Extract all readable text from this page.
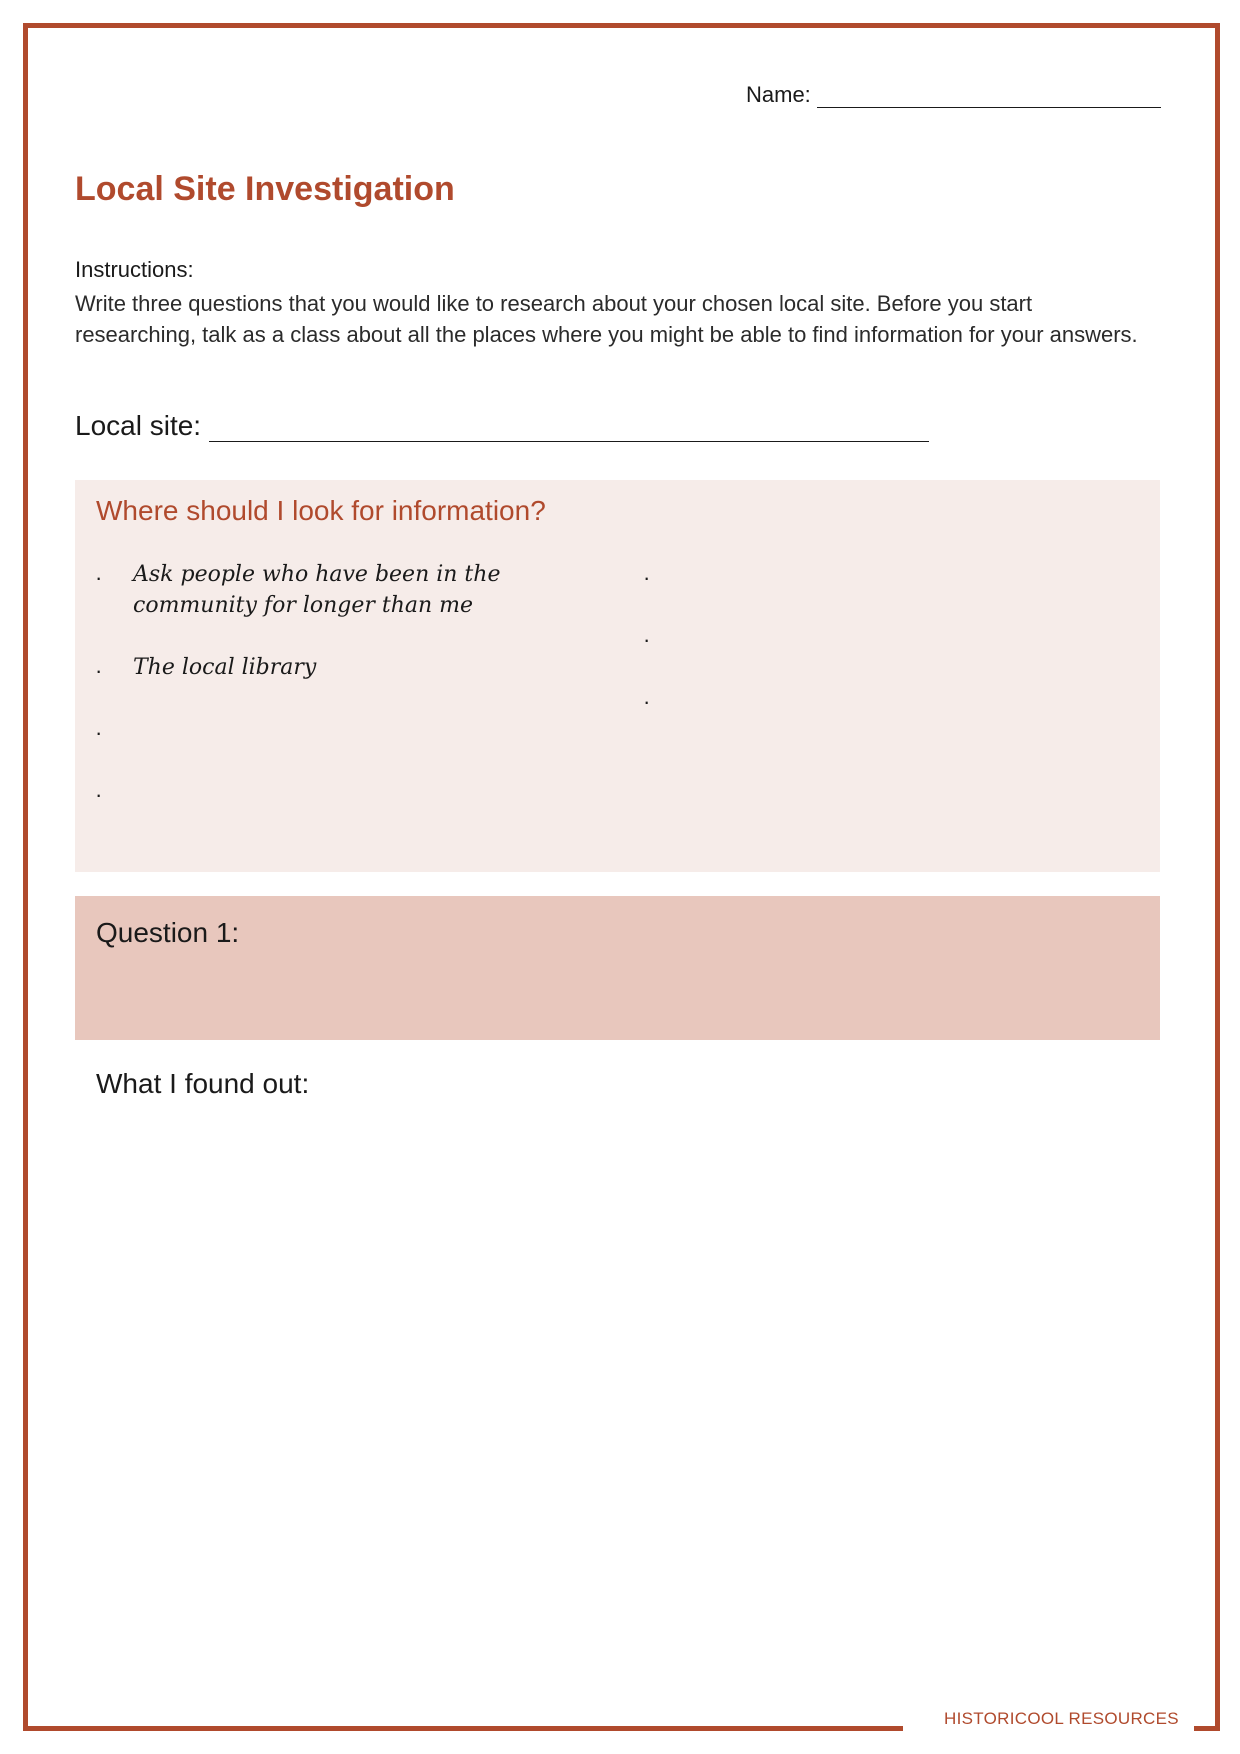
Name:
Local Site Investigation
Instructions:
Write three questions that you would like to research about your chosen local site. Before you start researching, talk as a class about all the places where you might be able to find information for your answers.
Local site:
Where should I look for information?
· Ask people who have been in the community for longer than me
· The local library
·
·
·
·
·
Question 1:
What I found out:
HISTORICOOL RESOURCES
